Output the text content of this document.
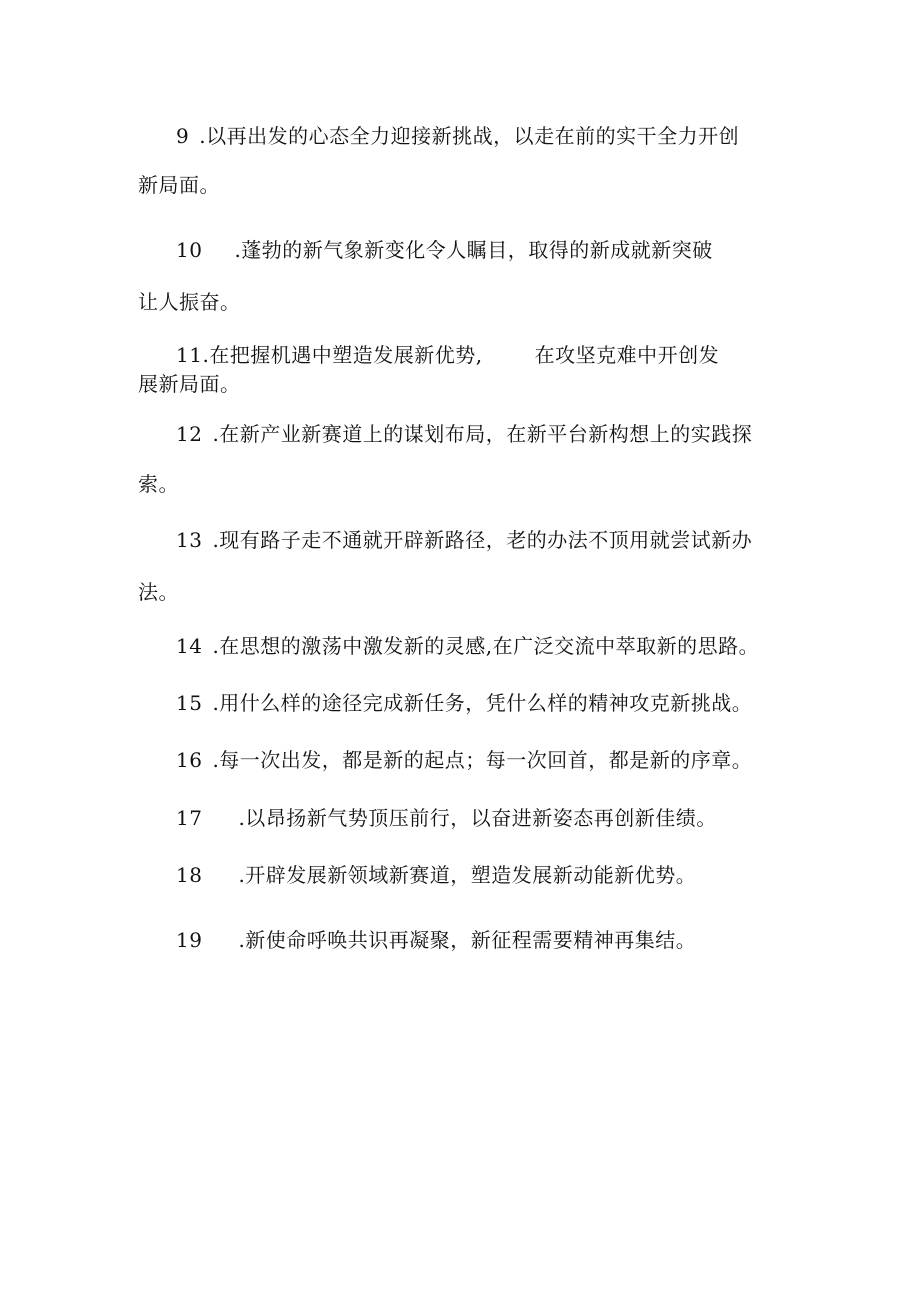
9 .以再出发的心态全力迎接新挑战，以走在前的实干全力开创
新局面。
10 .蓬勃的新气象新变化令人瞩目，取得的新成就新突破
让人振奋。
11.在把握机遇中塑造发展新优势,	在攻坚克难中开创发
展新局面。
12 .在新产业新赛道上的谋划布局，在新平台新构想上的实践探
索。
13 .现有路子走不通就开辟新路径，老的办法不顶用就尝试新办
法。
14 .在思想的激荡中激发新的灵感,在广泛交流中萃取新的思路。
15 .用什么样的途径完成新任务，凭什么样的精神攻克新挑战。
16 .每一次出发，都是新的起点；每一次回首，都是新的序章。
17 .以昂扬新气势顶压前行，以奋进新姿态再创新佳绩。
18 .开辟发展新领域新赛道，塑造发展新动能新优势。
19 .新使命呼唤共识再凝聚，新征程需要精神再集结。
